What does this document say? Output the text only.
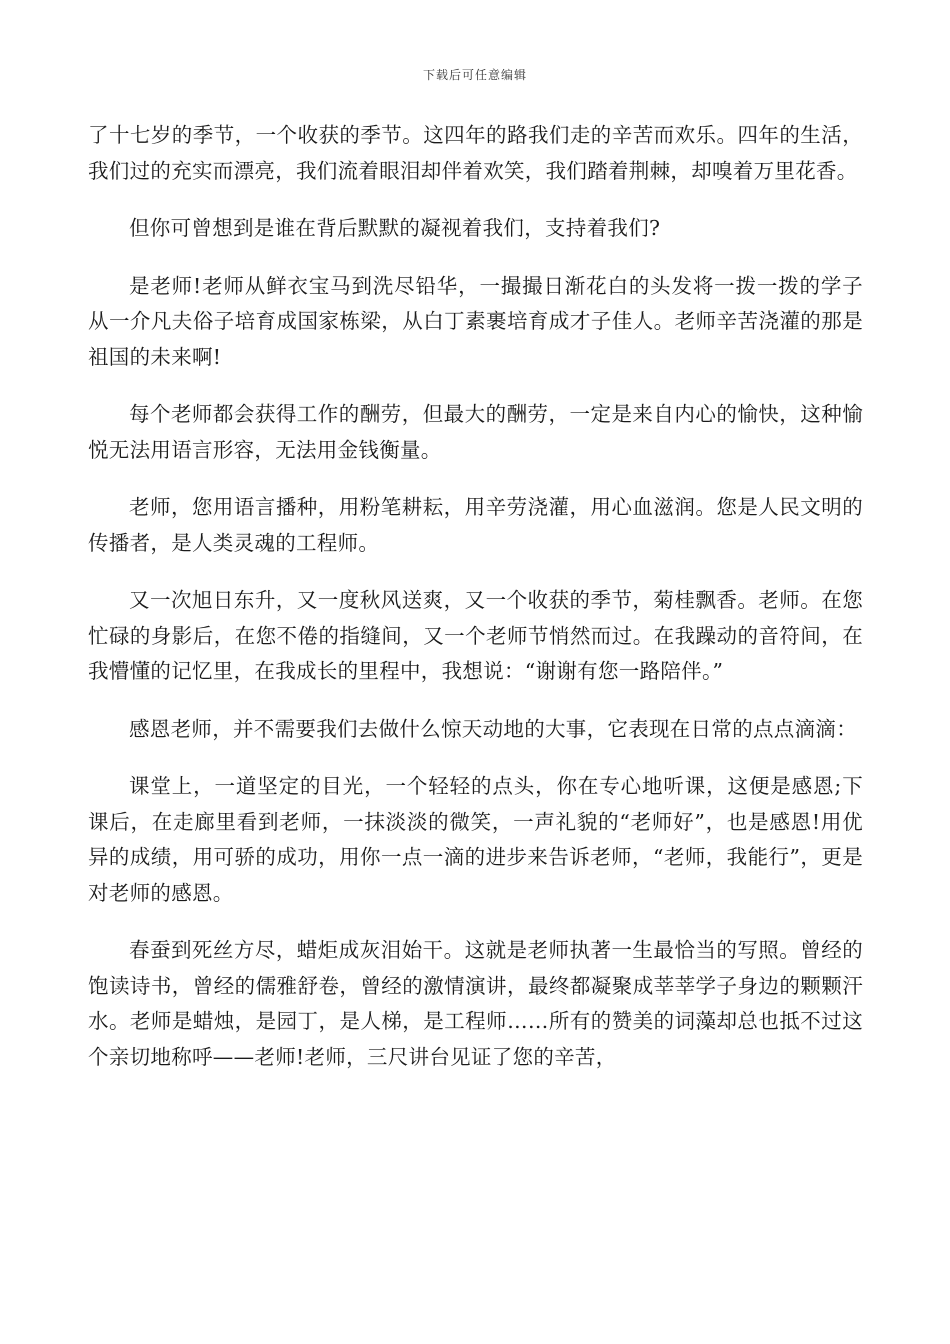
下载后可任意编辑

了十七岁的季节，一个收获的季节。这四年的路我们走的辛苦而欢乐。四年的生活，我们过的充实而漂亮，我们流着眼泪却伴着欢笑，我们踏着荆棘，却嗅着万里花香。

但你可曾想到是谁在背后默默的凝视着我们，支持着我们?

是老师!老师从鲜衣宝马到洗尽铅华，一撮撮日渐花白的头发将一拨一拨的学子从一介凡夫俗子培育成国家栋梁，从白丁素裹培育成才子佳人。老师辛苦浇灌的那是祖国的未来啊!

每个老师都会获得工作的酬劳，但最大的酬劳，一定是来自内心的愉快，这种愉悦无法用语言形容，无法用金钱衡量。

老师，您用语言播种，用粉笔耕耘，用辛劳浇灌，用心血滋润。您是人民文明的传播者，是人类灵魂的工程师。

又一次旭日东升，又一度秋风送爽，又一个收获的季节，菊桂飘香。老师。在您忙碌的身影后，在您不倦的指缝间，又一个老师节悄然而过。在我躁动的音符间，在我懵懂的记忆里，在我成长的里程中，我想说：“谢谢有您一路陪伴。”

感恩老师，并不需要我们去做什么惊天动地的大事，它表现在日常的点点滴滴：

课堂上，一道坚定的目光，一个轻轻的点头，你在专心地听课，这便是感恩;下课后，在走廊里看到老师，一抹淡淡的微笑，一声礼貌的“老师好”，也是感恩!用优异的成绩，用可骄的成功，用你一点一滴的进步来告诉老师，“老师，我能行”，更是对老师的感恩。

春蚕到死丝方尽，蜡炬成灰泪始干。这就是老师执著一生最恰当的写照。曾经的饱读诗书，曾经的儒雅舒卷，曾经的激情演讲，最终都凝聚成莘莘学子身边的颗颗汗水。老师是蜡烛，是园丁，是人梯，是工程师……所有的赞美的词藻却总也抵不过这个亲切地称呼——老师!老师，三尺讲台见证了您的辛苦，
